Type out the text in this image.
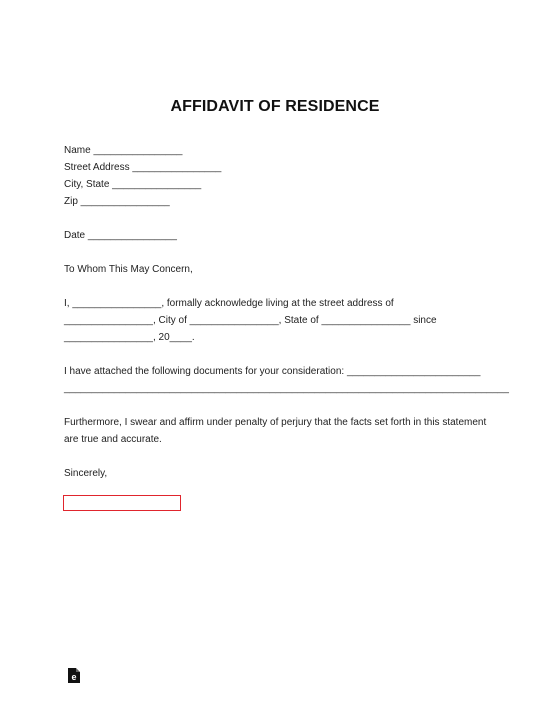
AFFIDAVIT OF RESIDENCE
Name ________________
Street Address ________________
City, State ________________
Zip ________________
Date ________________
To Whom This May Concern,
I, ________________, formally acknowledge living at the street address of
________________, City of ________________, State of ________________ since
________________, 20____.
I have attached the following documents for your consideration: ________________________
________________________________________________________________________________
Furthermore, I swear and affirm under penalty of perjury that the facts set forth in this statement
are true and accurate.
Sincerely,
e
